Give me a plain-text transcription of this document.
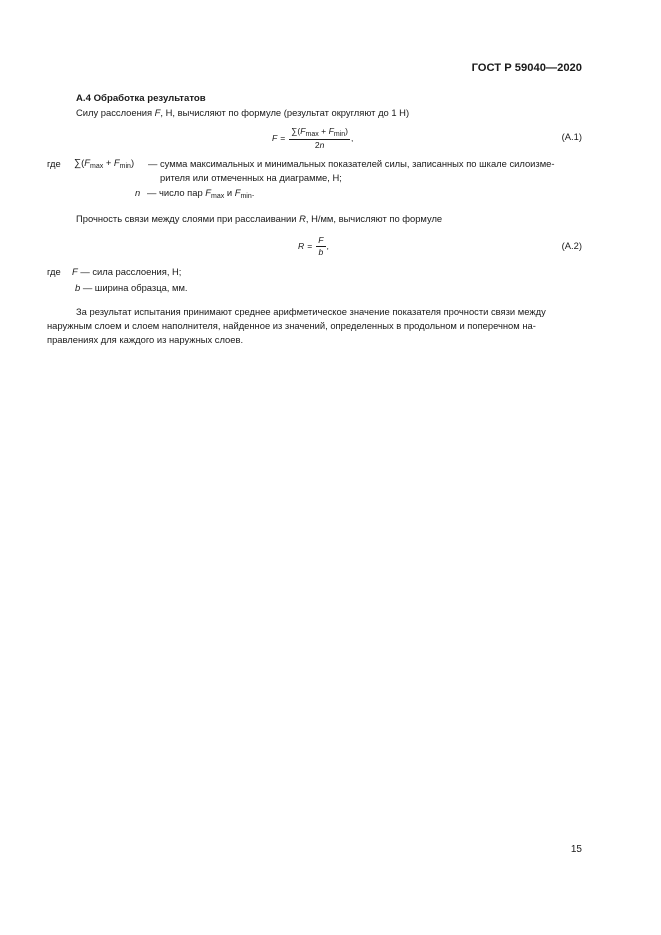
ГОСТ Р 59040—2020
А.4 Обработка результатов
Силу расслоения F, Н, вычисляют по формуле (результат округляют до 1 Н)
$F = \frac{\sum(F_{max} + F_{min})}{2n}$ ,	(А.1)
где $\sum(F_{max} + F_{min})$ — сумма максимальных и минимальных показателей силы, записанных по шкале силоизме-
рителя или отмеченных на диаграмме, Н;
n — число пар $F_{max}$ и $F_{min}$.
Прочность связи между слоями при расслаивании R, Н/мм, вычисляют по формуле
$R = \frac{F}{b}$ ,	(А.2)
где F — сила расслоения, Н;
b — ширина образца, мм.
За результат испытания принимают среднее арифметическое значение показателя прочности связи между
наружным слоем и слоем наполнителя, найденное из значений, определенных в продольном и поперечном на-
правлениях для каждого из наружных слоев.
15
